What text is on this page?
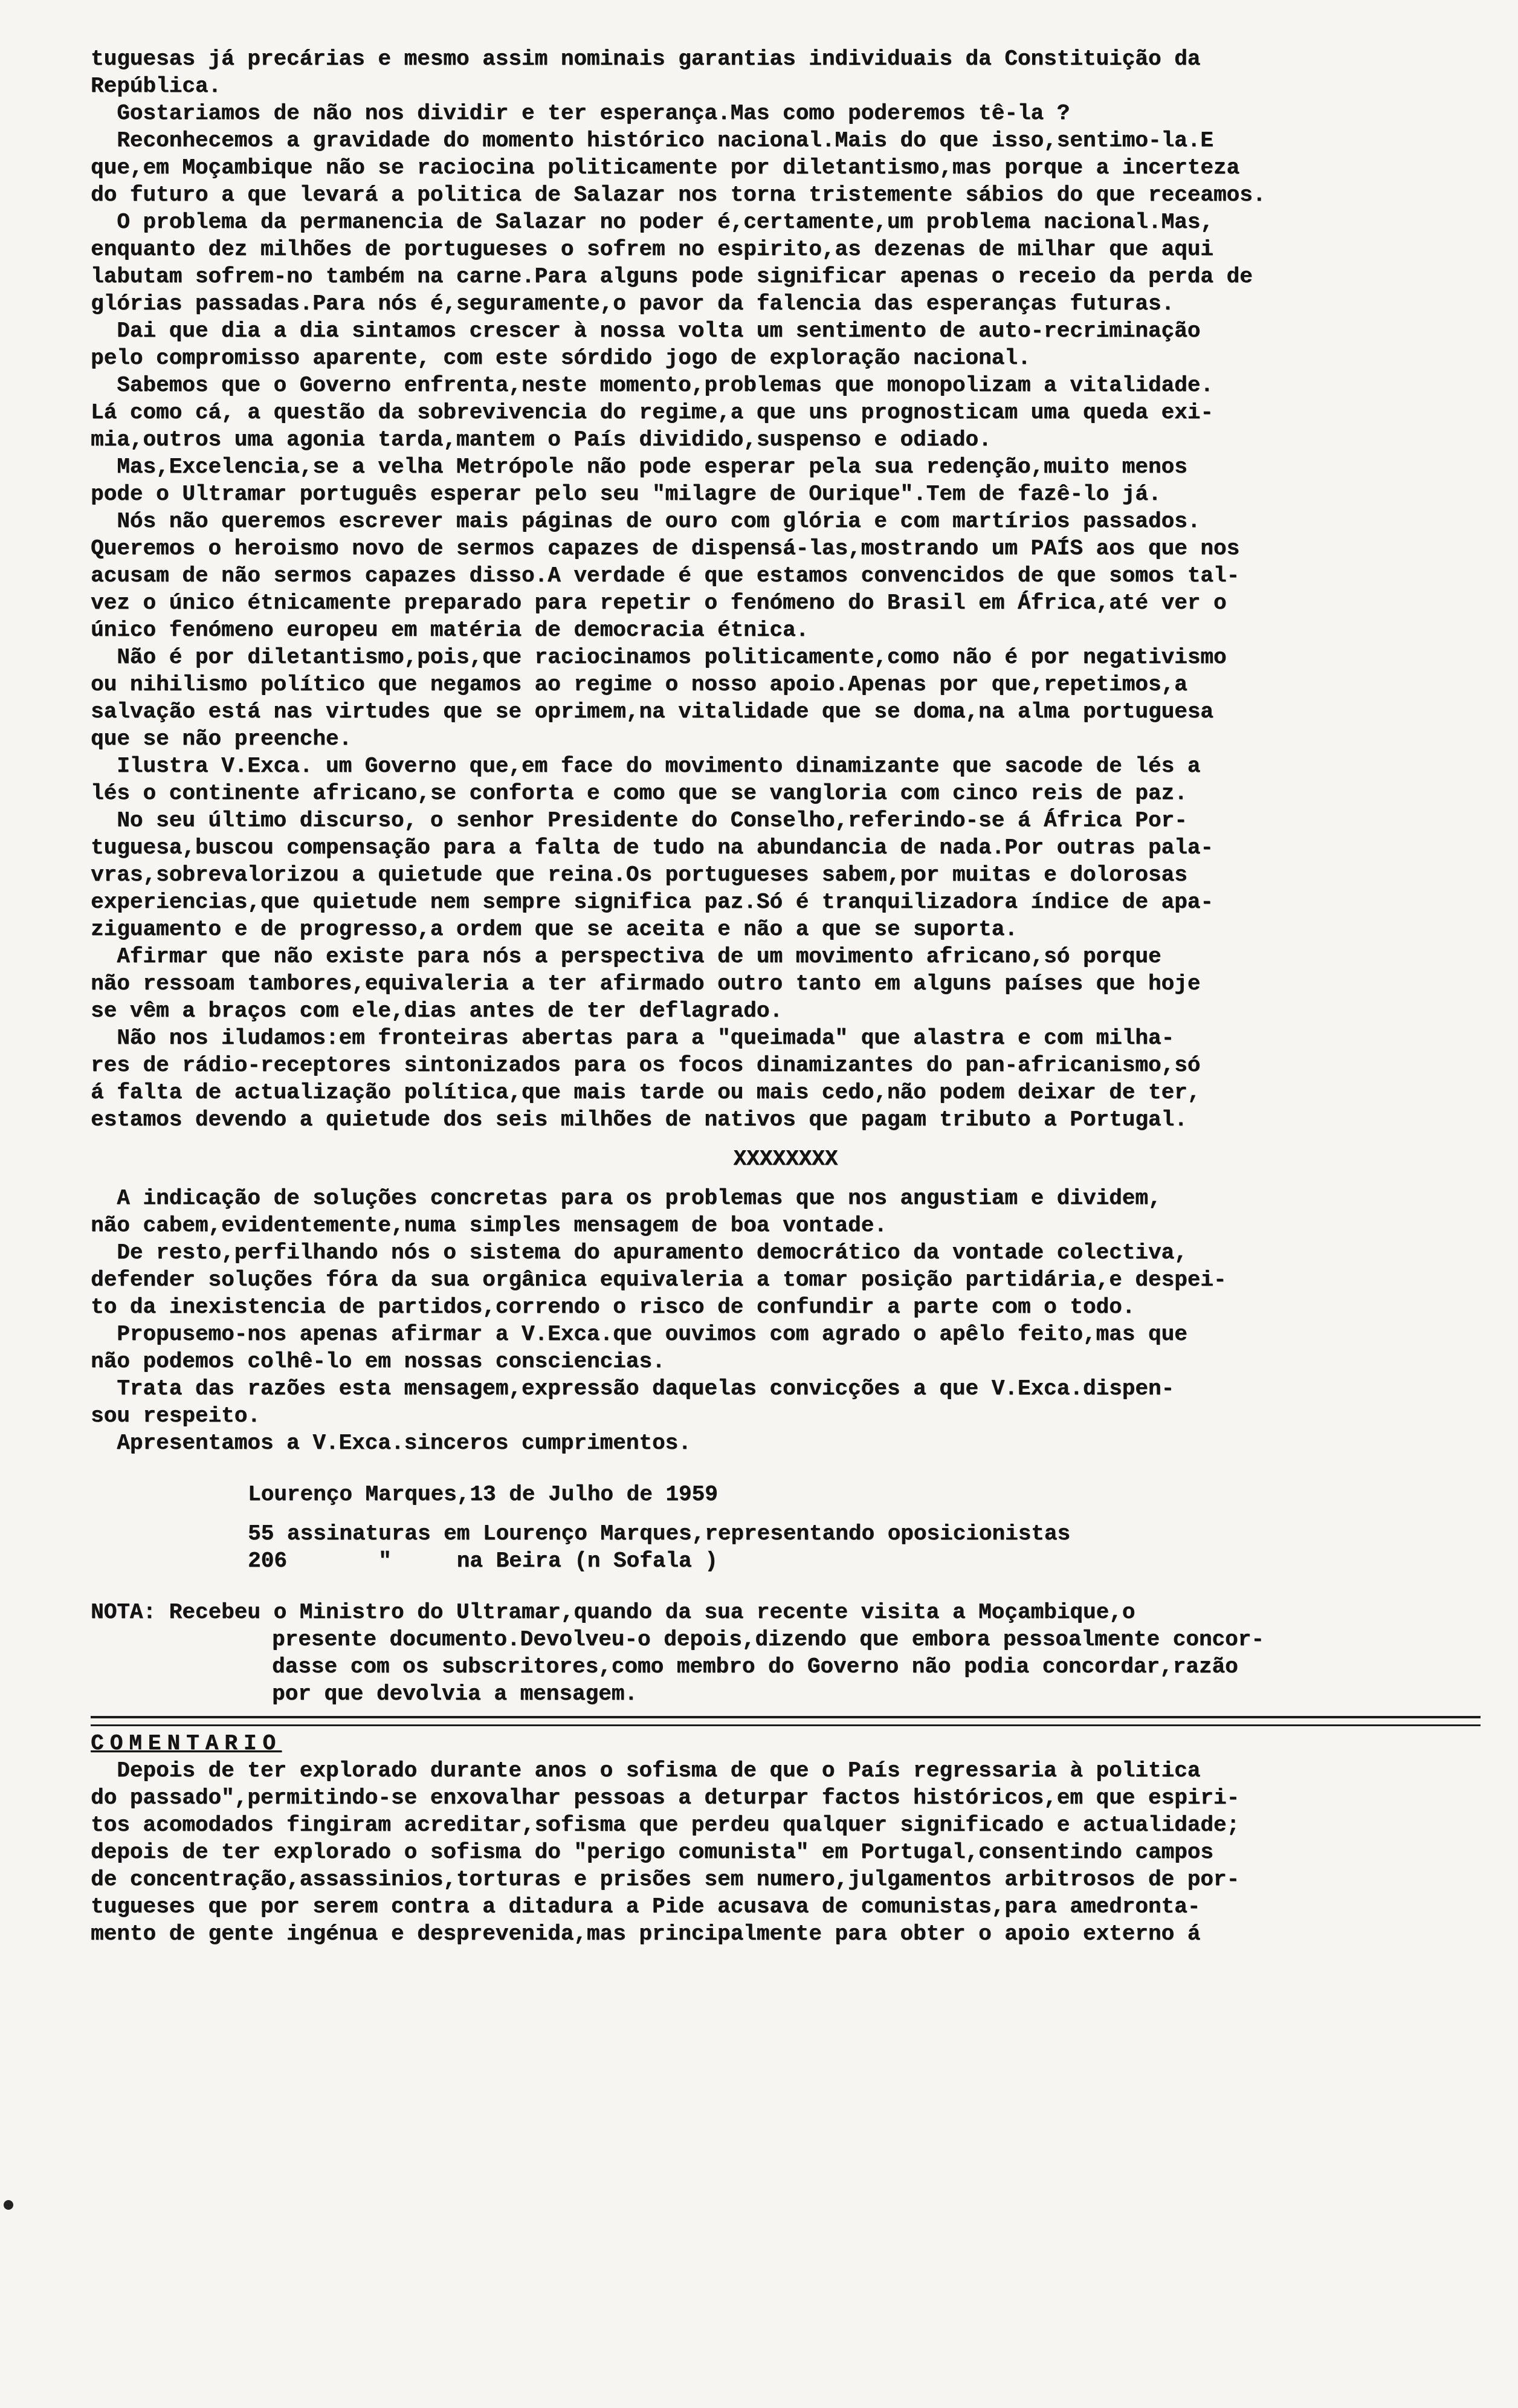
tuguesas já precárias e mesmo assim nominais garantias individuais da Constituição da

República.

Gostariamos de não nos dividir e ter esperança.Mas como poderemos tê-la ?

Reconhecemos a gravidade do momento histórico nacional.Mais do que isso,sentimo-la.E

que,em Moçambique não se raciocina politicamente por diletantismo,mas porque a incerteza

do futuro a que levará a politica de Salazar nos torna tristemente sábios do que receamos.

O problema da permanencia de Salazar no poder é,certamente,um problema nacional.Mas,

enquanto dez milhões de portugueses o sofrem no espirito,as dezenas de milhar que aqui

labutam sofrem-no também na carne.Para alguns pode significar apenas o receio da perda de

glórias passadas.Para nós é,seguramente,o pavor da falencia das esperanças futuras.

Dai que dia a dia sintamos crescer à nossa volta um sentimento de auto-recriminação

pelo compromisso aparente, com este sórdido jogo de exploração nacional.

Sabemos que o Governo enfrenta,neste momento,problemas que monopolizam a vitalidade.

Lá como cá, a questão da sobrevivencia do regime,a que uns prognosticam uma queda exi-

mia,outros uma agonia tarda,mantem o País dividido,suspenso e odiado.

Mas,Excelencia,se a velha Metrópole não pode esperar pela sua redenção,muito menos

pode o Ultramar português esperar pelo seu "milagre de Ourique".Tem de fazê-lo já.

Nós não queremos escrever mais páginas de ouro com glória e com martírios passados.

Queremos o heroismo novo de sermos capazes de dispensá-las,mostrando um PAÍS aos que nos

acusam de não sermos capazes disso.A verdade é que estamos convencidos de que somos tal-

vez o único étnicamente preparado para repetir o fenómeno do Brasil em África,até ver o

único fenómeno europeu em matéria de democracia étnica.

Não é por diletantismo,pois,que raciocinamos politicamente,como não é por negativismo

ou nihilismo político que negamos ao regime o nosso apoio.Apenas por que,repetimos,a

salvação está nas virtudes que se oprimem,na vitalidade que se doma,na alma portuguesa

que se não preenche.

Ilustra V.Exca. um Governo que,em face do movimento dinamizante que sacode de lés a

lés o continente africano,se conforta e como que se vangloria com cinco reis de paz.

No seu último discurso, o senhor Presidente do Conselho,referindo-se á África Por-

tuguesa,buscou compensação para a falta de tudo na abundancia de nada.Por outras pala-

vras,sobrevalorizou a quietude que reina.Os portugueses sabem,por muitas e dolorosas

experiencias,que quietude nem sempre significa paz.Só é tranquilizadora índice de apa-

ziguamento e de progresso,a ordem que se aceita e não a que se suporta.

Afirmar que não existe para nós a perspectiva de um movimento africano,só porque

não ressoam tambores,equivaleria a ter afirmado outro tanto em alguns países que hoje

se vêm a braços com ele,dias antes de ter deflagrado.

Não nos iludamos:em fronteiras abertas para a "queimada" que alastra e com milha-

res de rádio-receptores sintonizados para os focos dinamizantes do pan-africanismo,só

á falta de actualização política,que mais tarde ou mais cedo,não podem deixar de ter,

estamos devendo a quietude dos seis milhões de nativos que pagam tributo a Portugal.

XXXXXXXX

A indicação de soluções concretas para os problemas que nos angustiam e dividem,

não cabem,evidentemente,numa simples mensagem de boa vontade.

De resto,perfilhando nós o sistema do apuramento democrático da vontade colectiva,

defender soluções fóra da sua orgânica equivaleria a tomar posição partidária,e despei-

to da inexistencia de partidos,correndo o risco de confundir a parte com o todo.

Propusemo-nos apenas afirmar a V.Exca.que ouvimos com agrado o apêlo feito,mas que

não podemos colhê-lo em nossas consciencias.

Trata das razões esta mensagem,expressão daquelas convicções a que V.Exca.dispen-

sou respeito.

Apresentamos a V.Exca.sinceros cumprimentos.

Lourenço Marques,13 de Julho de 1959

55 assinaturas em Lourenço Marques,representando oposicionistas

206       "     na Beira (n Sofala )

NOTA: Recebeu o Ministro do Ultramar,quando da sua recente visita a Moçambique,o

presente documento.Devolveu-o depois,dizendo que embora pessoalmente concor-

dasse com os subscritores,como membro do Governo não podia concordar,razão

por que devolvia a mensagem.

COMENTARIO

Depois de ter explorado durante anos o sofisma de que o País regressaria à politica

do passado",permitindo-se enxovalhar pessoas a deturpar factos históricos,em que espiri-

tos acomodados fingiram acreditar,sofisma que perdeu qualquer significado e actualidade;

depois de ter explorado o sofisma do "perigo comunista" em Portugal,consentindo campos

de concentração,assassinios,torturas e prisões sem numero,julgamentos arbitrosos de por-

tugueses que por serem contra a ditadura a Pide acusava de comunistas,para amedronta-

mento de gente ingénua e desprevenida,mas principalmente para obter o apoio externo á
